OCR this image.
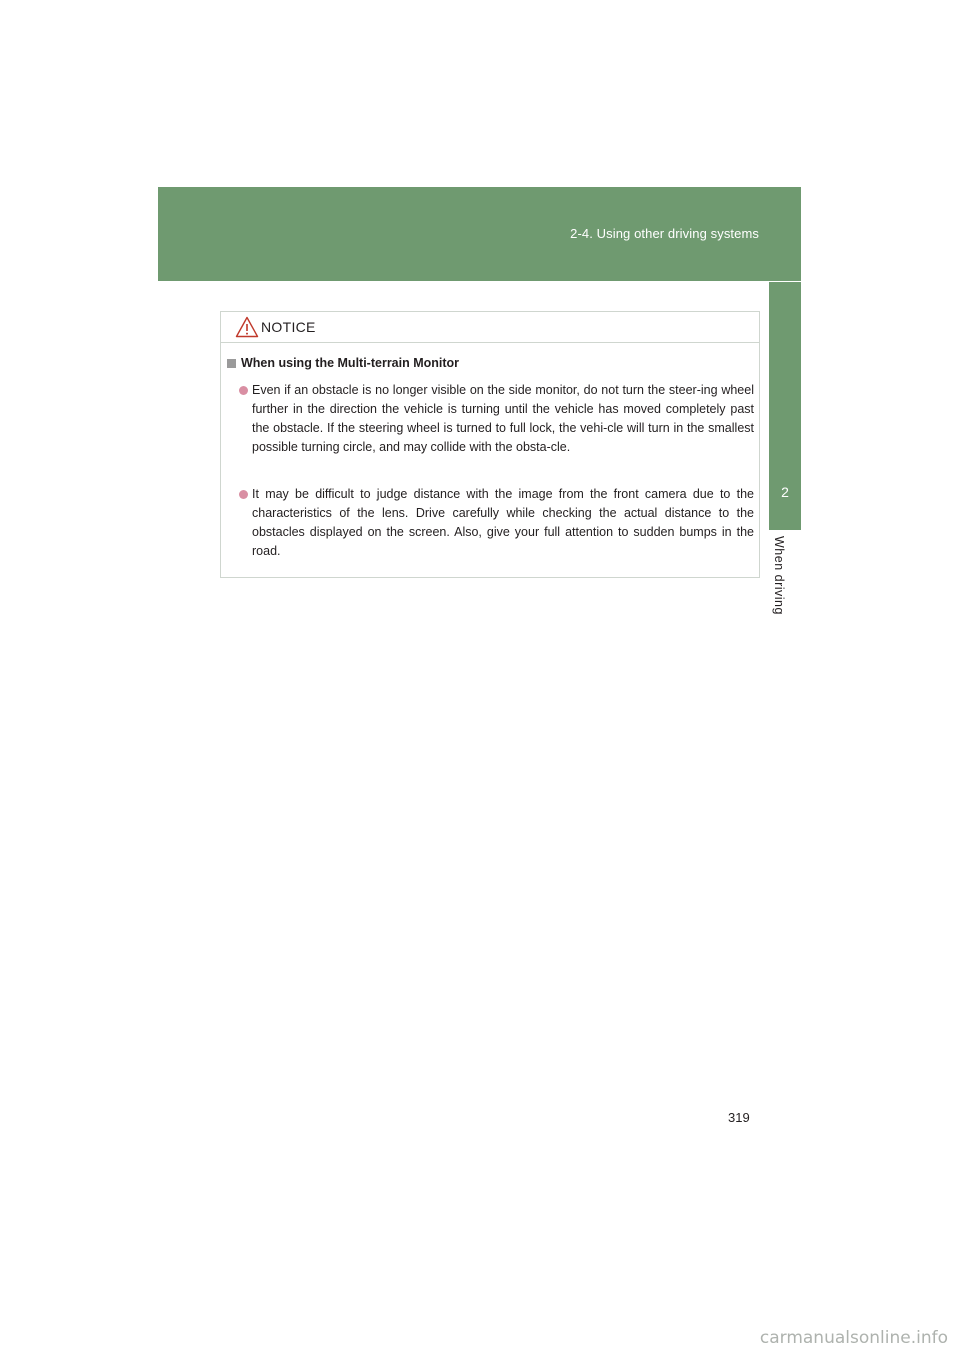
2-4. Using other driving systems
2
When driving
NOTICE
When using the Multi-terrain Monitor
Even if an obstacle is no longer visible on the side monitor, do not turn the steer-ing wheel further in the direction the vehicle is turning until the vehicle has moved completely past the obstacle. If the steering wheel is turned to full lock, the vehi-cle will turn in the smallest possible turning circle, and may collide with the obsta-cle.
It may be difficult to judge distance with the image from the front camera due to the characteristics of the lens. Drive carefully while checking the actual distance to the obstacles displayed on the screen. Also, give your full attention to sudden bumps in the road.
319
carmanualsonline.info
